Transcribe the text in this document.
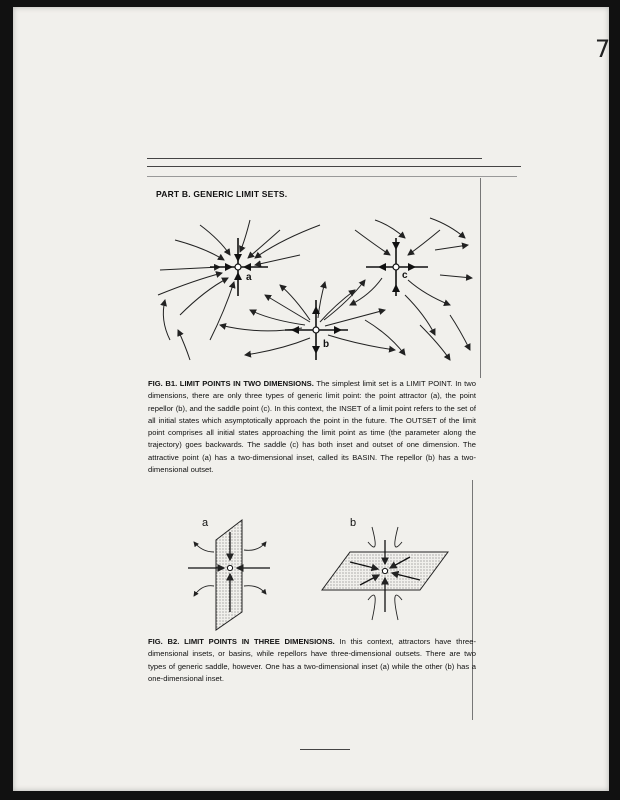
7
PART B. GENERIC LIMIT SETS.
a
b
c
FIG. B1. LIMIT POINTS IN TWO DIMENSIONS. The simplest limit set is a LIMIT POINT. In two dimensions, there are only three types of generic limit point: the point attractor (a), the point repellor (b), and the saddle point (c). In this context, the INSET of a limit point refers to the set of all initial states which asymptotically approach the point in the future. The OUTSET of the limit point comprises all initial states approaching the limit point as time (the parameter along the trajectory) goes backwards. The saddle (c) has both inset and outset of one dimension. The attractive point (a) has a two-dimensional inset, called its BASIN. The repellor (b) has a two-dimensional outset.
a	b
FIG. B2. LIMIT POINTS IN THREE DIMENSIONS. In this context, attractors have three-dimensional insets, or basins, while repellors have three-dimensional outsets. There are two types of generic saddle, however. One has a two-dimensional inset (a) while the other (b) has a one-dimensional inset.
